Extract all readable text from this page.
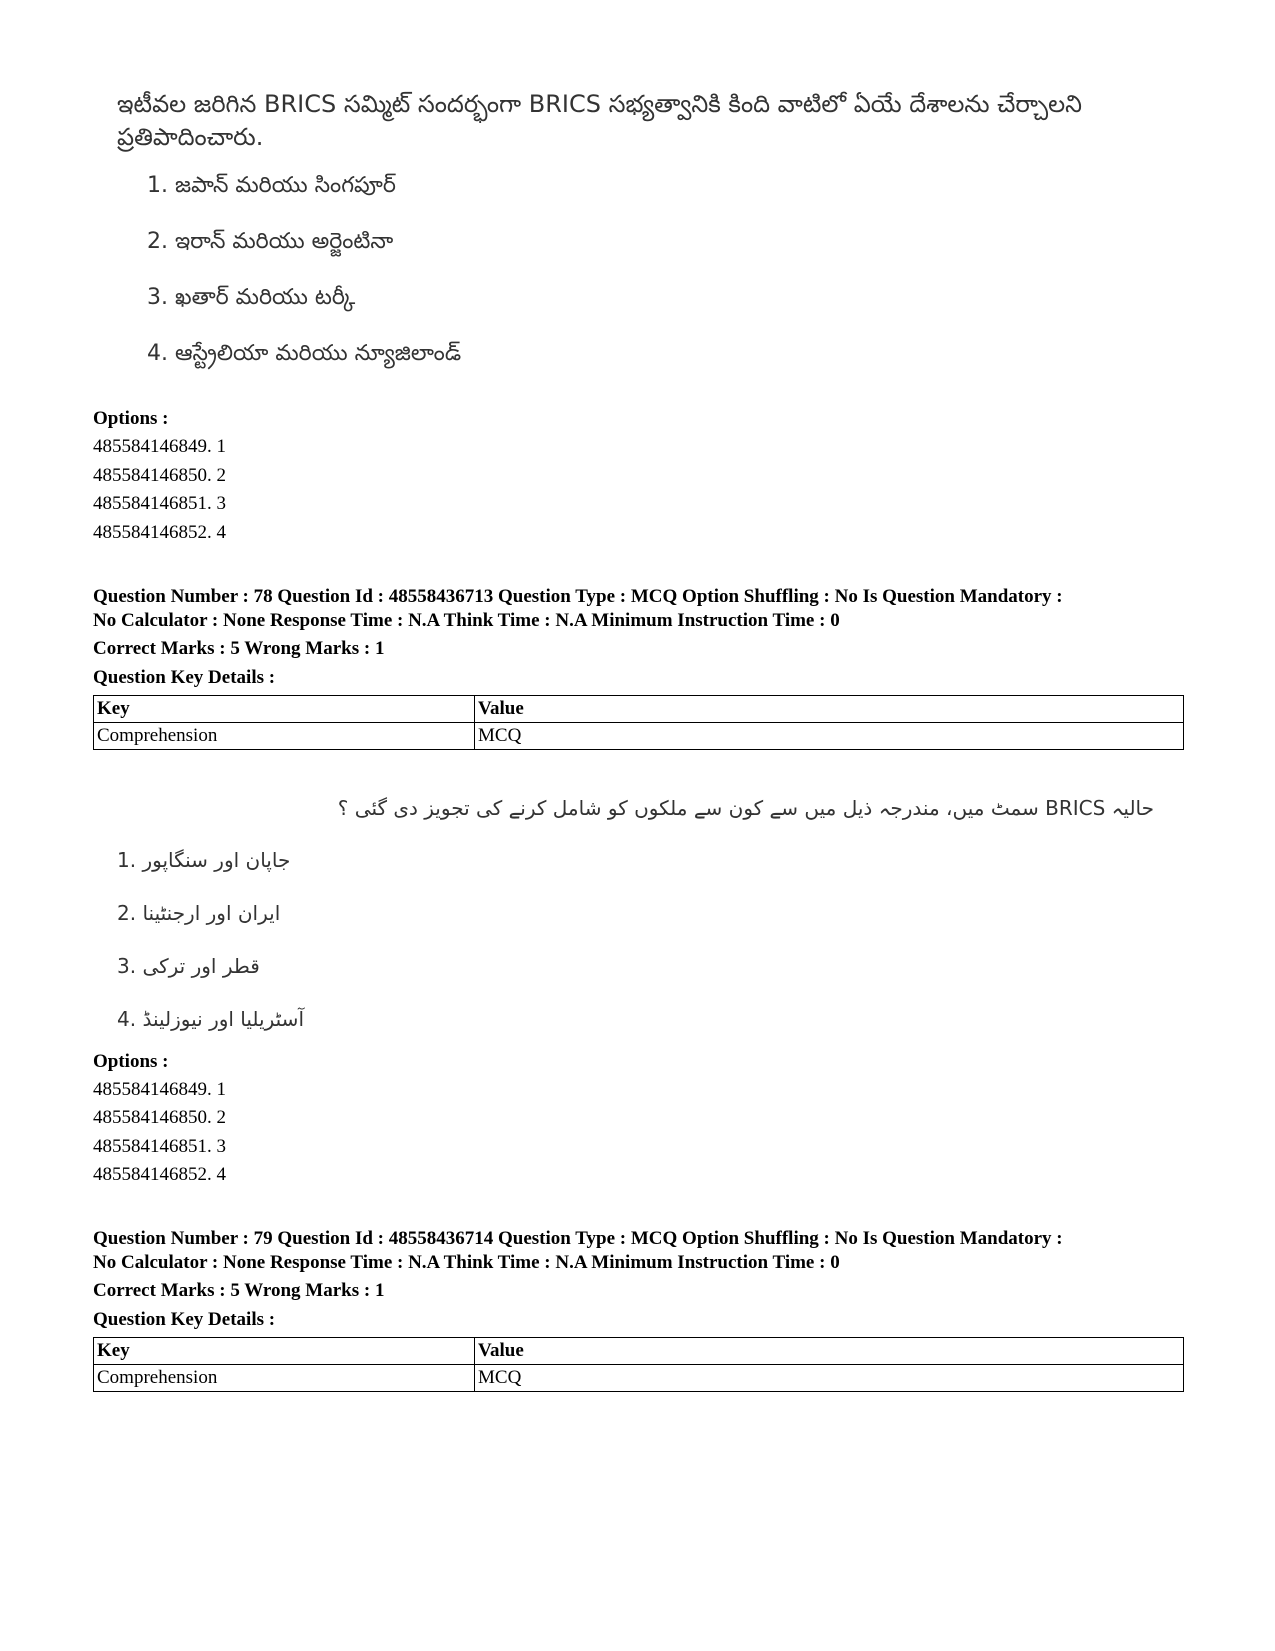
ఇటీవల జరిగిన BRICS సమ్మిట్ సందర్భంగా BRICS సభ్యత్వానికి కింది వాటిలో ఏయే దేశాలను చేర్చాలని ప్రతిపాదించారు.
1. జపాన్ మరియు సింగపూర్
2. ఇరాన్ మరియు అర్జెంటినా
3. ఖతార్ మరియు టర్కీ
4. ఆస్ట్రేలియా మరియు న్యూజిలాండ్
Options :
485584146849. 1
485584146850. 2
485584146851. 3
485584146852. 4
Question Number : 78 Question Id : 48558436713 Question Type : MCQ Option Shuffling : No Is Question Mandatory :
No Calculator : None Response Time : N.A Think Time : N.A Minimum Instruction Time : 0
Correct Marks : 5 Wrong Marks : 1
Question Key Details :
Key	Value
Comprehension	MCQ
حالیہ BRICS سمٹ میں، مندرجہ ذیل میں سے کون سے ملکوں کو شامل کرنے کی تجویز دی گئی ؟
1. جاپان اور سنگاپور
2. ایران اور ارجنٹینا
3. قطر اور ترکی
4. آسٹریلیا اور نیوزلینڈ
Options :
485584146849. 1
485584146850. 2
485584146851. 3
485584146852. 4
Question Number : 79 Question Id : 48558436714 Question Type : MCQ Option Shuffling : No Is Question Mandatory :
No Calculator : None Response Time : N.A Think Time : N.A Minimum Instruction Time : 0
Correct Marks : 5 Wrong Marks : 1
Question Key Details :
Key	Value
Comprehension	MCQ
